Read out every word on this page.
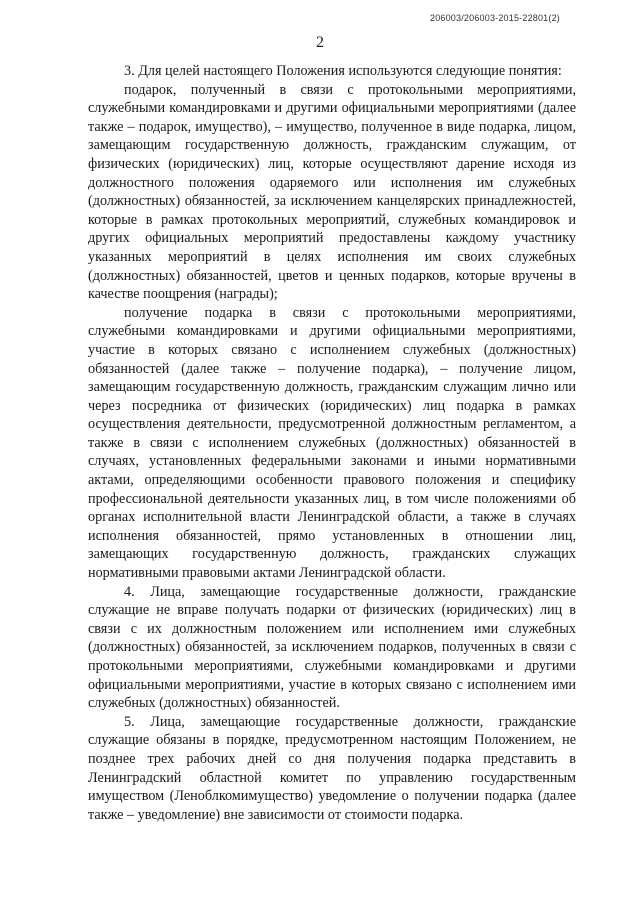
206003/206003-2015-22801(2)
2

3. Для целей настоящего Положения используются следующие понятия:

подарок, полученный в связи с протокольными мероприятиями, служебными командировками и другими официальными мероприятиями (далее также – подарок, имущество), – имущество, полученное в виде подарка, лицом, замещающим государственную должность, гражданским служащим, от физических (юридических) лиц, которые осуществляют дарение исходя из должностного положения одаряемого или исполнения им служебных (должностных) обязанностей, за исключением канцелярских принадлежностей, которые в рамках протокольных мероприятий, служебных командировок и других официальных мероприятий предоставлены каждому участнику указанных мероприятий в целях исполнения им своих служебных (должностных) обязанностей, цветов и ценных подарков, которые вручены в качестве поощрения (награды);

получение подарка в связи с протокольными мероприятиями, служебными командировками и другими официальными мероприятиями, участие в которых связано с исполнением служебных (должностных) обязанностей (далее также – получение подарка), – получение лицом, замещающим государственную должность, гражданским служащим лично или через посредника от физических (юридических) лиц подарка в рамках осуществления деятельности, предусмотренной должностным регламентом, а также в связи с исполнением служебных (должностных) обязанностей в случаях, установленных федеральными законами и иными нормативными актами, определяющими особенности правового положения и специфику профессиональной деятельности указанных лиц, в том числе положениями об органах исполнительной власти Ленинградской области, а также в случаях исполнения обязанностей, прямо установленных в отношении лиц, замещающих государственную должность, гражданских служащих нормативными правовыми актами Ленинградской области.

4. Лица, замещающие государственные должности, гражданские служащие не вправе получать подарки от физических (юридических) лиц в связи с их должностным положением или исполнением ими служебных (должностных) обязанностей, за исключением подарков, полученных в связи с протокольными мероприятиями, служебными командировками и другими официальными мероприятиями, участие в которых связано с исполнением ими служебных (должностных) обязанностей.

5. Лица, замещающие государственные должности, гражданские служащие обязаны в порядке, предусмотренном настоящим Положением, не позднее трех рабочих дней со дня получения подарка представить в Ленинградский областной комитет по управлению государственным имуществом (Леноблкомимущество) уведомление о получении подарка (далее также – уведомление) вне зависимости от стоимости подарка.
